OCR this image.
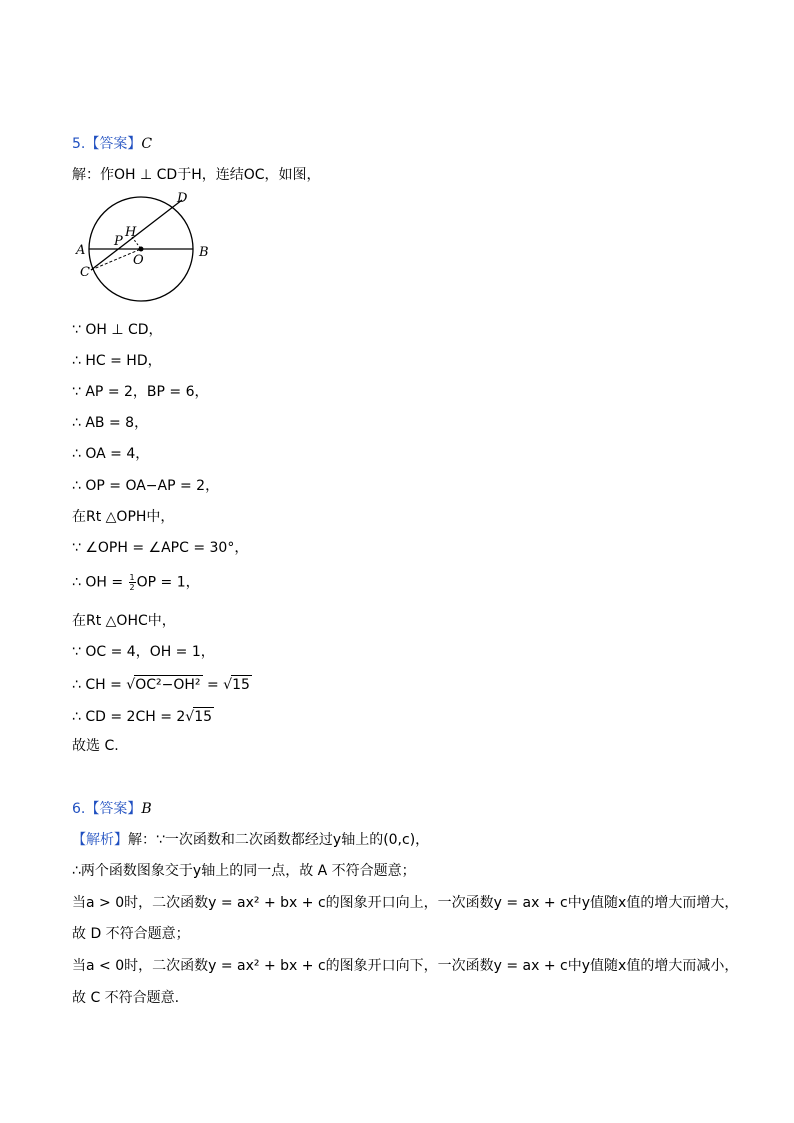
5.【答案】C
解：作OH ⊥ CD于H，连结OC，如图，
A	B
C
D
O
P
H
∵ OH ⊥ CD，
∴ HC = HD，
∵ AP = 2，BP = 6，
∴ AB = 8，
∴ OA = 4，
∴ OP = OA−AP = 2，
在Rt △OPH中，
∵ ∠OPH = ∠APC = 30°，
∴ OH = $\frac{1}{2}$ OP = 1，
在Rt △OHC中，
∵ OC = 4，OH = 1，
∴ CH = √OC²−OH² = √15
∴ CD = 2CH = 2√15
故选 C.
6.【答案】B
【解析】解：∵一次函数和二次函数都经过y轴上的(0,c)，
∴两个函数图象交于y轴上的同一点，故 A 不符合题意；
当a > 0时，二次函数y = ax² + bx + c的图象开口向上，一次函数y = ax + c中y值随x值的增大而增大，
故 D 不符合题意；
当a < 0时，二次函数y = ax² + bx + c的图象开口向下，一次函数y = ax + c中y值随x值的增大而减小，
故 C 不符合题意.
